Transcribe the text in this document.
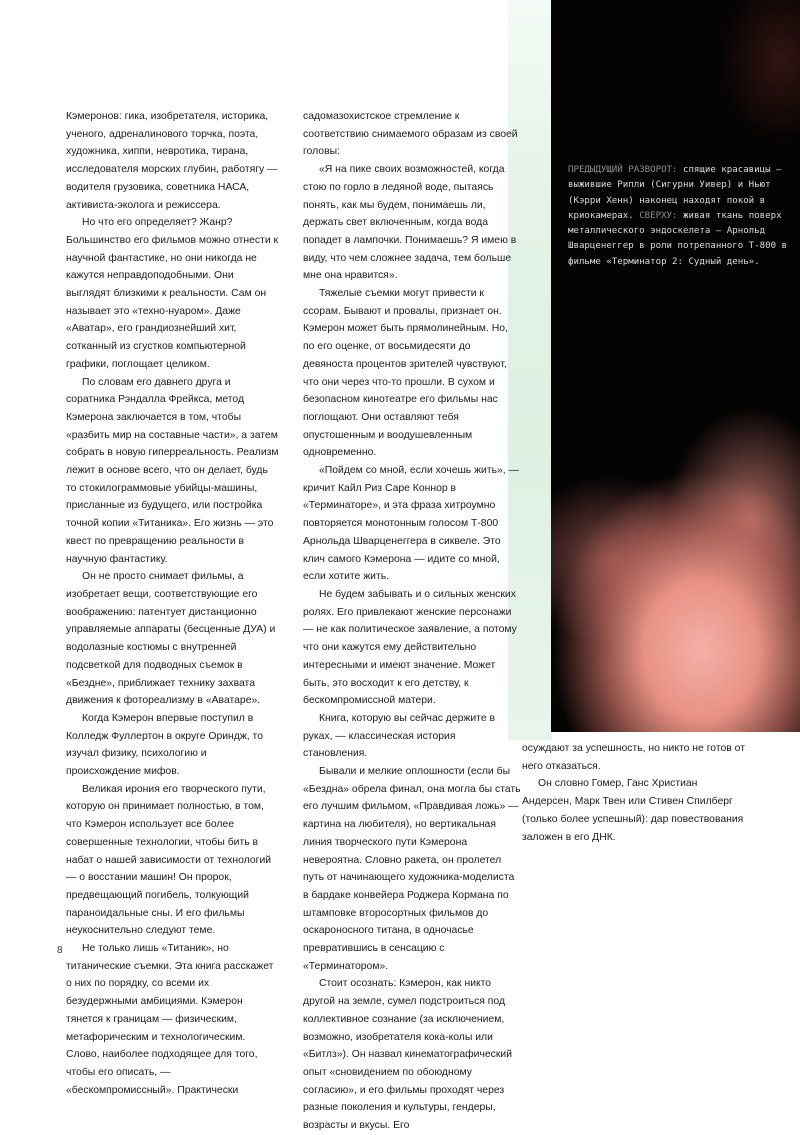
ПРЕДЫДУЩИЙ РАЗВОРОТ: спящие красавицы – выжившие Рипли (Сигурни Уивер) и Ньют (Кэрри Хенн) наконец находят покой в криокамерах. СВЕРХУ: живая ткань поверх металлического эндоскелета – Арнольд Шварценеггер в роли потрепанного Т-800 в фильме «Терминатор 2: Судный день».

Кэмеронов: гика, изобретателя, историка, ученого, адреналинового торчка, поэта, художника, хиппи, невротика, тирана, исследователя морских глубин, работягу — водителя грузовика, советника НАСА, активиста-эколога и режиссера.

Но что его определяет? Жанр? Большинство его фильмов можно отнести к научной фантастике, но они никогда не кажутся неправдоподобными. Они выглядят близкими к реальности. Сам он называет это «техно-нуаром». Даже «Аватар», его грандиознейший хит, сотканный из сгустков компьютерной графики, поглощает целиком.

По словам его давнего друга и соратника Рэндалла Фрейкса, метод Кэмерона заключается в том, чтобы «разбить мир на составные части», а затем собрать в новую гиперреальность. Реализм лежит в основе всего, что он делает, будь то стокилограммовые убийцы-машины, присланные из будущего, или постройка точной копии «Титаника». Его жизнь — это квест по превращению реальности в научную фантастику.

Он не просто снимает фильмы, а изобретает вещи, соответствующие его воображению: патентует дистанционно управляемые аппараты (бесценные ДУА) и водолазные костюмы с внутренней подсветкой для подводных съемок в «Бездне», приближает технику захвата движения к фотореализму в «Аватаре».

Когда Кэмерон впервые поступил в Колледж Фуллертон в округе Ориндж, то изучал физику, психологию и происхождение мифов.

Великая ирония его творческого пути, которую он принимает полностью, в том, что Кэмерон использует все более совершенные технологии, чтобы бить в набат о нашей зависимости от технологий — о восстании машин! Он пророк, предвещающий погибель, толкующий параноидальные сны. И его фильмы неукоснительно следуют теме.

Не только лишь «Титаник», но титанические съемки. Эта книга расскажет о них по порядку, со всеми их безудержными амбициями. Кэмерон тянется к границам — физическим, метафорическим и технологическим. Слово, наиболее подходящее для того, чтобы его описать, — «бескомпромиссный». Практически

садомазохистское стремление к соответствию снимаемого образам из своей головы:

«Я на пике своих возможностей, когда стою по горло в ледяной воде, пытаясь понять, как мы будем, понимаешь ли, держать свет включенным, когда вода попадет в лампочки. Понимаешь? Я имею в виду, что чем сложнее задача, тем больше мне она нравится».

Тяжелые съемки могут привести к ссорам. Бывают и провалы, признает он. Кэмерон может быть прямолинейным. Но, по его оценке, от восьмидесяти до девяноста процентов зрителей чувствуют, что они через что-то прошли. В сухом и безопасном кинотеатре его фильмы нас поглощают. Они оставляют тебя опустошенным и воодушевленным одновременно.

«Пойдем со мной, если хочешь жить», — кричит Кайл Риз Саре Коннор в «Терминаторе», и эта фраза хитроумно повторяется монотонным голосом Т-800 Арнольда Шварценеггера в сиквеле. Это клич самого Кэмерона — идите со мной, если хотите жить.

Не будем забывать и о сильных женских ролях. Его привлекают женские персонажи — не как политическое заявление, а потому что они кажутся ему действительно интересными и имеют значение. Может быть, это восходит к его детству, к бескомпромиссной матери.

Книга, которую вы сейчас держите в руках, — классическая история становления.

Бывали и мелкие оплошности (если бы «Бездна» обрела финал, она могла бы стать его лучшим фильмом, «Правдивая ложь» — картина на любителя), но вертикальная линия творческого пути Кэмерона невероятна. Словно ракета, он пролетел путь от начинающего художника-моделиста в бардаке конвейера Роджера Кормана по штамповке второсортных фильмов до оскароносного титана, в одночасье превратившись в сенсацию с «Терминатором».

Стоит осознать: Кэмерон, как никто другой на земле, сумел подстроиться под коллективное сознание (за исключением, возможно, изобретателя кока-колы или «Битлз»). Он назвал кинематографический опыт «сновидением по обоюдному согласию», и его фильмы проходят через разные поколения и культуры, гендеры, возрасты и вкусы. Его

осуждают за успешность, но никто не готов от него отказаться.

Он словно Гомер, Ганс Христиан Андерсен, Марк Твен или Стивен Спилберг (только более успешный): дар повествования заложен в его ДНК.

8
